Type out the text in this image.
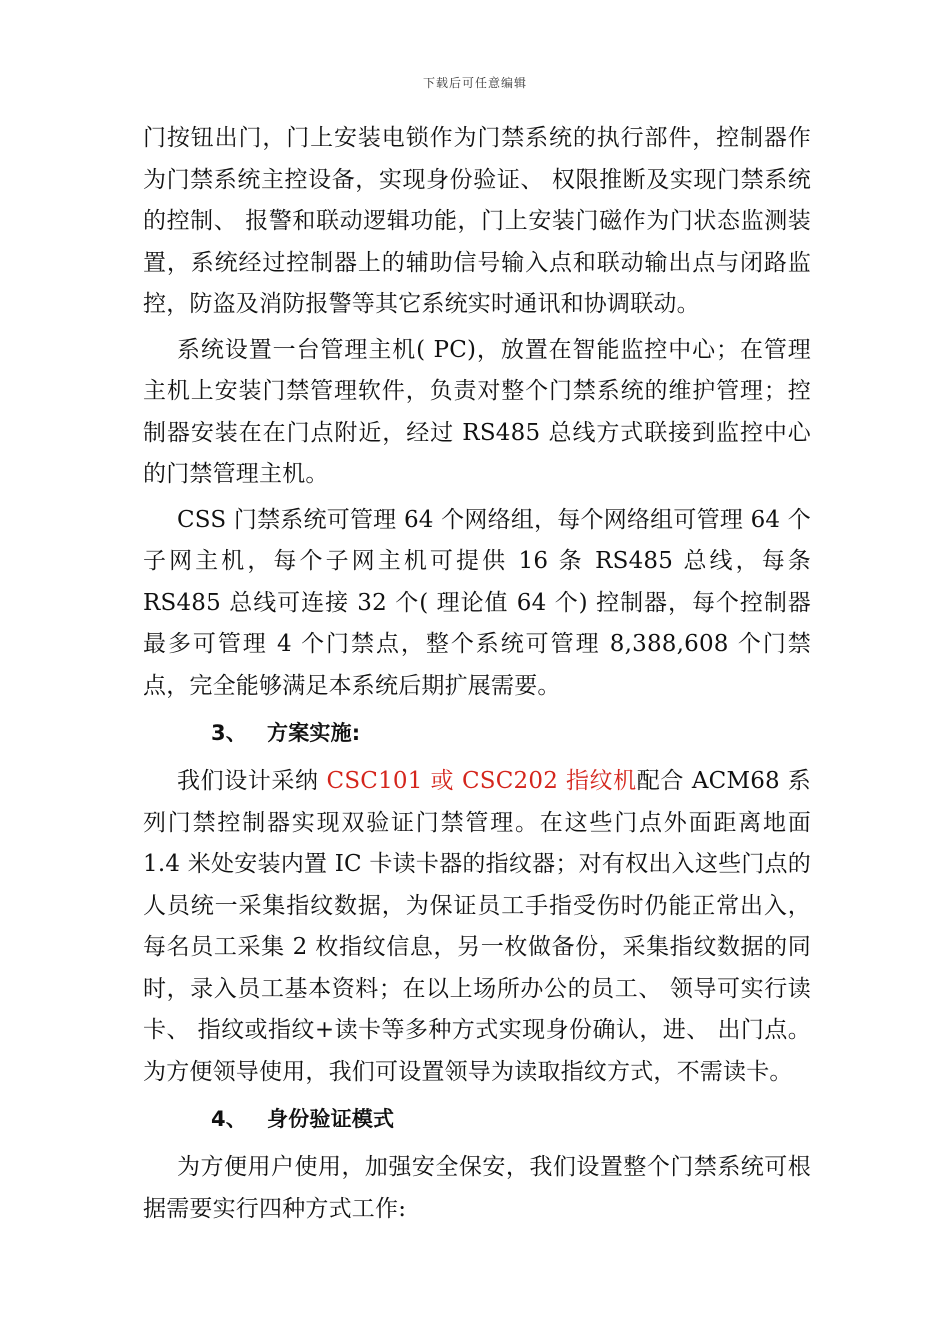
下载后可任意编辑

门按钮出门，门上安装电锁作为门禁系统的执行部件，控制器作为门禁系统主控设备，实现身份验证、 权限推断及实现门禁系统的控制、 报警和联动逻辑功能，门上安装门磁作为门状态监测装置，系统经过控制器上的辅助信号输入点和联动输出点与闭路监控，防盗及消防报警等其它系统实时通讯和协调联动。

系统设置一台管理主机( PC)，放置在智能监控中心；在管理主机上安装门禁管理软件，负责对整个门禁系统的维护管理；控制器安装在在门点附近，经过 RS485 总线方式联接到监控中心的门禁管理主机。

CSS 门禁系统可管理 64 个网络组，每个网络组可管理 64 个子网主机，每个子网主机可提供 16 条 RS485 总线，每条 RS485 总线可连接 32 个( 理论值 64 个) 控制器，每个控制器最多可管理 4 个门禁点，整个系统可管理 8,388,608 个门禁点，完全能够满足本系统后期扩展需要。

3、 方案实施:

我们设计采纳 CSC101 或 CSC202 指纹机配合 ACM68 系列门禁控制器实现双验证门禁管理。在这些门点外面距离地面 1.4 米处安装内置 IC 卡读卡器的指纹器；对有权出入这些门点的人员统一采集指纹数据，为保证员工手指受伤时仍能正常出入，每名员工采集 2 枚指纹信息，另一枚做备份，采集指纹数据的同时，录入员工基本资料；在以上场所办公的员工、 领导可实行读卡、 指纹或指纹+读卡等多种方式实现身份确认，进、 出门点。为方便领导使用，我们可设置领导为读取指纹方式，不需读卡。

4、 身份验证模式

为方便用户使用，加强安全保安，我们设置整个门禁系统可根据需要实行四种方式工作:
